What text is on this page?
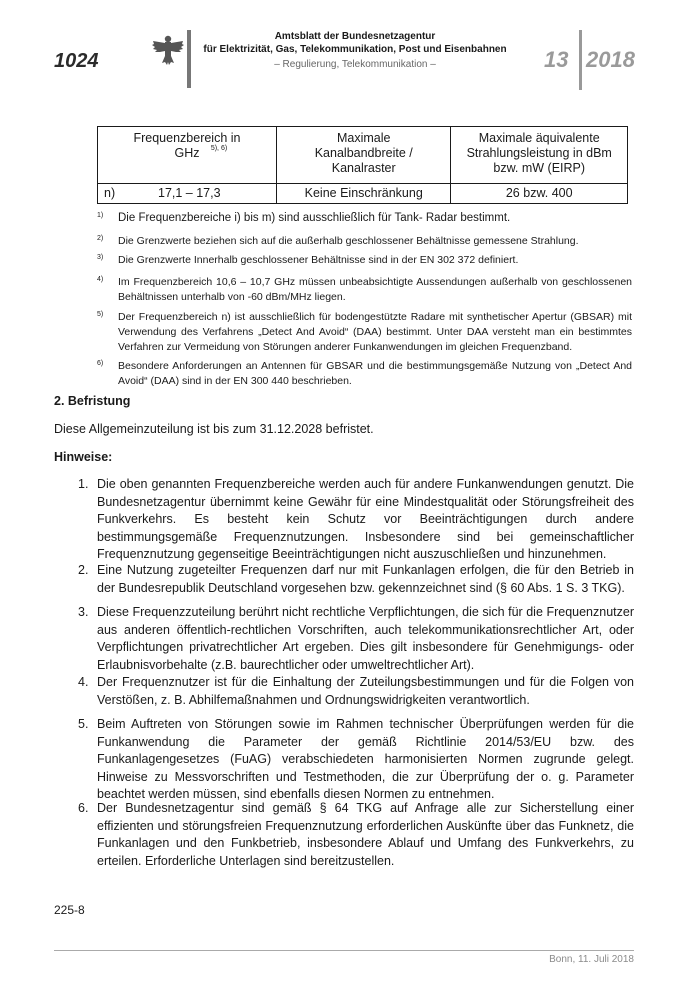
1024
Amtsblatt der Bundesnetzagentur
für Elektrizität, Gas, Telekommunikation, Post und Eisenbahnen
– Regulierung, Telekommunikation –	13 2018
Frequenzbereich in GHz $^{5), 6)}$	Maximale Kanalbandbreite / Kanalraster	Maximale äquivalente Strahlungsleistung in dBm bzw. mW (EIRP)

n) 17,1 – 17,3	Keine Einschränkung	26 bzw. 400
1) Die Frequenzbereiche i) bis m) sind ausschließlich für Tank- Radar bestimmt.
2) Die Grenzwerte beziehen sich auf die außerhalb geschlossener Behältnisse gemessene Strahlung.
3) Die Grenzwerte Innerhalb geschlossener Behältnisse sind in der EN 302 372 definiert.
4) Im Frequenzbereich 10,6 – 10,7 GHz müssen unbeabsichtigte Aussendungen außerhalb von geschlossenen Behältnissen unterhalb von -60 dBm/MHz liegen.
5) Der Frequenzbereich n) ist ausschließlich für bodengestützte Radare mit synthetischer Apertur (GBSAR) mit Verwendung des Verfahrens „Detect And Avoid“ (DAA) bestimmt. Unter DAA versteht man ein bestimmtes Verfahren zur Vermeidung von Störungen anderer Funkanwendungen im gleichen Frequenzband.
6) Besondere Anforderungen an Antennen für GBSAR und die bestimmungsgemäße Nutzung von „Detect And Avoid“ (DAA) sind in der EN 300 440 beschrieben.
2. Befristung
Diese Allgemeinzuteilung ist bis zum 31.12.2028 befristet.
Hinweise:
1. Die oben genannten Frequenzbereiche werden auch für andere Funkanwendungen genutzt. Die Bundesnetzagentur übernimmt keine Gewähr für eine Mindestqualität oder Störungsfreiheit des Funkverkehrs. Es besteht kein Schutz vor Beeinträchtigungen durch andere bestimmungsgemäße Frequenznutzungen. Insbesondere sind bei gemeinschaftlicher Frequenznutzung gegenseitige Beeinträchtigungen nicht auszuschließen und hinzunehmen.
2. Eine Nutzung zugeteilter Frequenzen darf nur mit Funkanlagen erfolgen, die für den Betrieb in der Bundesrepublik Deutschland vorgesehen bzw. gekennzeichnet sind (§ 60 Abs. 1 S. 3 TKG).
3. Diese Frequenzzuteilung berührt nicht rechtliche Verpflichtungen, die sich für die Frequenznutzer aus anderen öffentlich-rechtlichen Vorschriften, auch telekommunikationsrechtlicher Art, oder Verpflichtungen privatrechtlicher Art ergeben. Dies gilt insbesondere für Genehmigungs- oder Erlaubnisvorbehalte (z.B. baurechtlicher oder umweltrechtlicher Art).
4. Der Frequenznutzer ist für die Einhaltung der Zuteilungsbestimmungen und für die Folgen von Verstößen, z. B. Abhilfemaßnahmen und Ordnungswidrigkeiten verantwortlich.
5. Beim Auftreten von Störungen sowie im Rahmen technischer Überprüfungen werden für die Funkanwendung die Parameter der gemäß Richtlinie 2014/53/EU bzw. des Funkanlagengesetzes (FuAG) verabschiedeten harmonisierten Normen zugrunde gelegt. Hinweise zu Messvorschriften und Testmethoden, die zur Überprüfung der o. g. Parameter beachtet werden müssen, sind ebenfalls diesen Normen zu entnehmen.
6. Der Bundesnetzagentur sind gemäß § 64 TKG auf Anfrage alle zur Sicherstellung einer effizienten und störungsfreien Frequenznutzung erforderlichen Auskünfte über das Funknetz, die Funkanlagen und den Funkbetrieb, insbesondere Ablauf und Umfang des Funkverkehrs, zu erteilen. Erforderliche Unterlagen sind bereitzustellen.
225-8
Bonn, 11. Juli 2018
